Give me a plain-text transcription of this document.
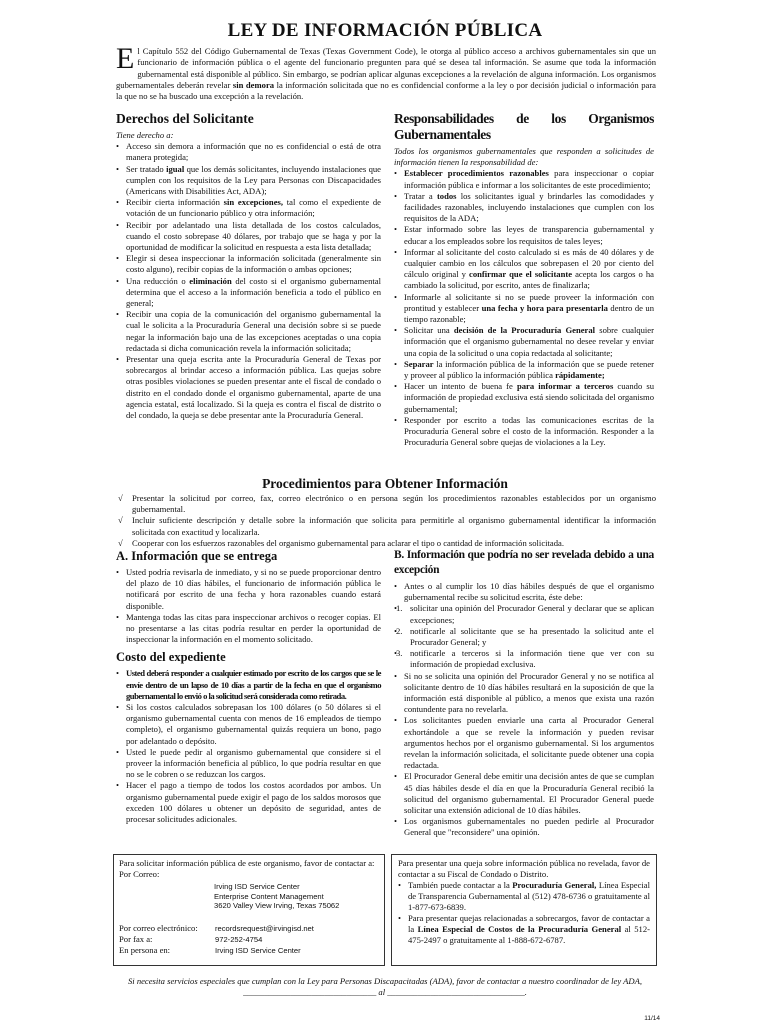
LEY DE INFORMACIÓN PÚBLICA
El Capítulo 552 del Código Gubernamental de Texas (Texas Government Code), le otorga al público acceso a archivos gubernamentales sin que un funcionario de información pública o el agente del funcionario pregunten para qué se desea tal información. Se asume que toda la información gubernamental está disponible al público. Sin embargo, se podrían aplicar algunas excepciones a la revelación de alguna información. Los organismos gubernamentales deberán revelar sin demora la información solicitada que no es confidencial conforme a la ley o por decisión judicial o información para la que no se ha buscado una excepción a la revelación.
Derechos del Solicitante
Tiene derecho a:
• Acceso sin demora a información que no es confidencial o está de otra manera protegida;
• Ser tratado igual que los demás solicitantes, incluyendo instalaciones que cumplen con los requisitos de la Ley para Personas con Discapacidades (Americans with Disabilities Act, ADA);
• Recibir cierta información sin excepciones, tal como el expediente de votación de un funcionario público y otra información;
• Recibir por adelantado una lista detallada de los costos calculados, cuando el costo sobrepase 40 dólares, por trabajo que se haga y por la oportunidad de modificar la solicitud en respuesta a esta lista detallada;
• Elegir si desea inspeccionar la información solicitada (generalmente sin costo alguno), recibir copias de la información o ambas opciones;
• Una reducción o eliminación del costo si el organismo gubernamental determina que el acceso a la información beneficia a todo el público en general;
• Recibir una copia de la comunicación del organismo gubernamental la cual le solicita a la Procuraduría General una decisión sobre si se puede negar la información bajo una de las excepciones aceptadas o una copia redactada si dicha comunicación revela la información solicitada;
• Presentar una queja escrita ante la Procuraduría General de Texas por sobrecargos al brindar acceso a información pública. Las quejas sobre otras posibles violaciones se pueden presentar ante el fiscal de condado o distrito en el condado donde el organismo gubernamental, aparte de una agencia estatal, está localizado. Si la queja es contra el fiscal de distrito o del condado, la queja se debe presentar ante la Procuraduría General.
Responsabilidades de los Organismos Gubernamentales
Todos los organismos gubernamentales que responden a solicitudes de información tienen la responsabilidad de:
• Establecer procedimientos razonables para inspeccionar o copiar información pública e informar a los solicitantes de este procedimiento;
• Tratar a todos los solicitantes igual y brindarles las comodidades y facilidades razonables, incluyendo instalaciones que cumplen con los requisitos de la ADA;
• Estar informado sobre las leyes de transparencia gubernamental y educar a los empleados sobre los requisitos de tales leyes;
• Informar al solicitante del costo calculado si es más de 40 dólares y de cualquier cambio en los cálculos que sobrepasen el 20 por ciento del cálculo original y confirmar que el solicitante acepta los cargos o ha cambiado la solicitud, por escrito, antes de finalizarla;
• Informarle al solicitante si no se puede proveer la información con prontitud y establecer una fecha y hora para presentarla dentro de un tiempo razonable;
• Solicitar una decisión de la Procuraduría General sobre cualquier información que el organismo gubernamental no desee revelar y enviar una copia de la solicitud o una copia redactada al solicitante;
• Separar la información pública de la información que se puede retener y proveer al público la información pública rápidamente;
• Hacer un intento de buena fe para informar a terceros cuando su información de propiedad exclusiva está siendo solicitada del organismo gubernamental;
• Responder por escrito a todas las comunicaciones escritas de la Procuraduría General sobre el costo de la información. Responder a la Procuraduría General sobre quejas de violaciones a la Ley.
Procedimientos para Obtener Información
√ Presentar la solicitud por correo, fax, correo electrónico o en persona según los procedimientos razonables establecidos por un organismo gubernamental.
√ Incluir suficiente descripción y detalle sobre la información que solicita para permitirle al organismo gubernamental identificar la información solicitada con exactitud y localizarla.
√ Cooperar con los esfuerzos razonables del organismo gubernamental para aclarar el tipo o cantidad de información solicitada.
A. Información que se entrega
• Usted podría revisarla de inmediato, y si no se puede proporcionar dentro del plazo de 10 días hábiles, el funcionario de información pública le notificará por escrito de una fecha y hora razonables cuando estará disponible.
• Mantenga todas las citas para inspeccionar archivos o recoger copias. El no presentarse a las citas podría resultar en perder la oportunidad de inspeccionar la información en el momento solicitado.
Costo del expediente
• Usted deberá responder a cualquier estimado por escrito de los cargos que se le envíe dentro de un lapso de 10 días a partir de la fecha en que el organismo gubernamental lo envió o la solicitud será considerada como retirada.
• Si los costos calculados sobrepasan los 100 dólares (o 50 dólares si el organismo gubernamental cuenta con menos de 16 empleados de tiempo completo), el organismo gubernamental quizás requiera un bono, pago por adelantado o depósito.
• Usted le puede pedir al organismo gubernamental que considere si el proveer la información beneficia al público, lo que podría resultar en que no se le cobren o se reduzcan los cargos.
• Hacer el pago a tiempo de todos los costos acordados por ambos. Un organismo gubernamental puede exigir el pago de los saldos morosos que exceden 100 dólares u obtener un depósito de seguridad, antes de procesar solicitudes adicionales.
B. Información que podría no ser revelada debido a una excepción
• Antes o al cumplir los 10 días hábiles después de que el organismo gubernamental recibe su solicitud escrita, éste debe:
• 1. solicitar una opinión del Procurador General y declarar que se aplican excepciones;
• 2. notificarle al solicitante que se ha presentado la solicitud ante el Procurador General; y
• 3. notificarle a terceros si la información tiene que ver con su información de propiedad exclusiva.
• Si no se solicita una opinión del Procurador General y no se notifica al solicitante dentro de 10 días hábiles resultará en la suposición de que la información está disponible al público, a menos que exista una razón contundente para no revelarla.
• Los solicitantes pueden enviarle una carta al Procurador General exhortándole a que se revele la información y pueden revisar argumentos hechos por el organismo gubernamental. Si los argumentos revelan la información solicitada, el solicitante puede obtener una copia redactada.
• El Procurador General debe emitir una decisión antes de que se cumplan 45 días hábiles desde el día en que la Procuraduría General recibió la solicitud del organismo gubernamental. El Procurador General puede solicitar una extensión adicional de 10 días hábiles.
• Los organismos gubernamentales no pueden pedirle al Procurador General que "reconsidere" una opinión.
Para solicitar información pública de este organismo, favor de contactar a:
Por Correo:
Irving ISD Service Center
Enterprise Content Management
3620 Valley View Irving, Texas 75062
Por correo electrónico: recordsrequest@irvingisd.net
Por fax a:	972-252-4754
En persona en:	Irving ISD Service Center
Para presentar una queja sobre información pública no revelada, favor de contactar a su Fiscal de Condado o Distrito.
• También puede contactar a la Procuraduría General, Línea Especial de Transparencia Gubernamental al (512) 478-6736 o gratuitamente al 1-877-673-6839.
• Para presentar quejas relacionadas a sobrecargos, favor de contactar a la Línea Especial de Costos de la Procuraduría General al 512-475-2497 o gratuitamente al 1-888-672-6787.
Si necesita servicios especiales que cumplan con la Ley para Personas Discapacitadas (ADA), favor de contactar a nuestro coordinador de ley ADA,
_______________________________ al ________________________________.
11/14
